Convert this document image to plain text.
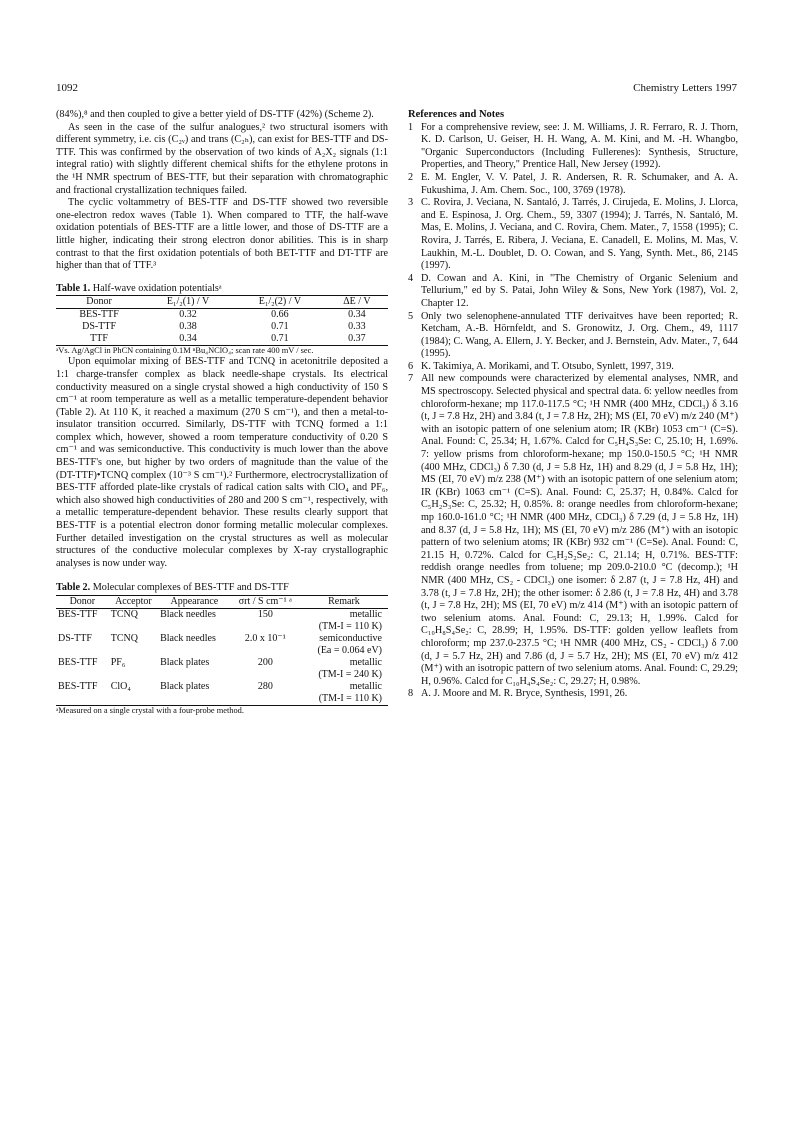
1092	Chemistry Letters 1997

(84%),⁸ and then coupled to give a better yield of DS-TTF (42%) (Scheme 2).

As seen in the case of the sulfur analogues,² two structural isomers with different symmetry, i.e. cis (C₂ᵥ) and trans (C₂ₕ), can exist for BES-TTF and DS-TTF. This was confirmed by the observation of two kinds of A₂X₂ signals (1:1 integral ratio) with slightly different chemical shifts for the ethylene protons in the ¹H NMR spectrum of BES-TTF, but their separation with chromatographic and fractional crystallization techniques failed.

The cyclic voltammetry of BES-TTF and DS-TTF showed two reversible one-electron redox waves (Table 1). When compared to TTF, the half-wave oxidation potentials of BES-TTF are a little lower, and those of DS-TTF are a little higher, indicating their strong electron donor abilities. This is in sharp contrast to that the first oxidation potentials of both BET-TTF and DT-TTF are higher than that of TTF.³

Table 1. Half-wave oxidation potentialsᵃ
Donor	E₁/₂(1) / V	E₁/₂(2) / V	ΔE / V
BES-TTF	0.32	0.66	0.34
DS-TTF	0.38	0.71	0.33
TTF	0.34	0.71	0.37

ᵃVs. Ag/AgCl in PhCN containing 0.1M ⁿBu₄NClO₄; scan rate 400 mV / sec.

Upon equimolar mixing of BES-TTF and TCNQ in acetonitrile deposited a 1:1 charge-transfer complex as black needle-shape crystals. Its electrical conductivity measured on a single crystal showed a high conductivity of 150 S cm⁻¹ at room temperature as well as a metallic temperature-dependent behavior (Table 2). At 110 K, it reached a maximum (270 S cm⁻¹), and then a metal-to-insulator transition occurred. Similarly, DS-TTF with TCNQ formed a 1:1 complex which, however, showed a room temperature conductivity of 0.20 S cm⁻¹ and was semiconductive. This conductivity is much lower than the above BES-TTF's one, but higher by two orders of magnitude than the value of the (DT-TTF)•TCNQ complex (10⁻³ S cm⁻¹).² Furthermore, electrocrystallization of BES-TTF afforded plate-like crystals of radical cation salts with ClO₄ and PF₆, which also showed high conductivities of 280 and 200 S cm⁻¹, respectively, with a metallic temperature-dependent behavior. These results clearly support that BES-TTF is a potential electron donor forming metallic molecular complexes. Further detailed investigation on the crystal structures as well as molecular structures of the conductive molecular complexes by X-ray crystallographic analyses is now under way.

Table 2. Molecular complexes of BES-TTF and DS-TTF
Donor	Acceptor	Appearance	σrt / S cm⁻¹ ᵃ	Remark
BES-TTF	TCNQ	Black needles	150	metallic
				(TM-I = 110 K)
DS-TTF	TCNQ	Black needles	2.0 x 10⁻¹	semiconductive
				(Ea = 0.064 eV)
BES-TTF	PF₆	Black plates	200	metallic
				(TM-I = 240 K)
BES-TTF	ClO₄	Black plates	280	metallic
				(TM-I = 110 K)

ᵃMeasured on a single crystal with a four-probe method.

References and Notes

1 For a comprehensive review, see: J. M. Williams, J. R. Ferraro, R. J. Thorn, K. D. Carlson, U. Geiser, H. H. Wang, A. M. Kini, and M. -H. Whangbo, "Organic Superconductors (Including Fullerenes): Synthesis, Structure, Properties, and Theory," Prentice Hall, New Jersey (1992).

2 E. M. Engler, V. V. Patel, J. R. Andersen, R. R. Schumaker, and A. A. Fukushima, J. Am. Chem. Soc., 100, 3769 (1978).

3 C. Rovira, J. Veciana, N. Santaló, J. Tarrés, J. Cirujeda, E. Molins, J. Llorca, and E. Espinosa, J. Org. Chem., 59, 3307 (1994); J. Tarrés, N. Santaló, M. Mas, E. Molins, J. Veciana, and C. Rovira, Chem. Mater., 7, 1558 (1995); C. Rovira, J. Tarrés, E. Ribera, J. Veciana, E. Canadell, E. Molins, M. Mas, V. Laukhin, M.-L. Doublet, D. O. Cowan, and S. Yang, Synth. Met., 86, 2145 (1997).

4 D. Cowan and A. Kini, in "The Chemistry of Organic Selenium and Tellurium," ed by S. Patai, John Wiley & Sons, New York (1987), Vol. 2, Chapter 12.

5 Only two selenophene-annulated TTF derivaitves have been reported; R. Ketcham, A.-B. Hörnfeldt, and S. Gronowitz, J. Org. Chem., 49, 1117 (1984); C. Wang, A. Ellern, J. Y. Becker, and J. Bernstein, Adv. Mater., 7, 644 (1995).

6 K. Takimiya, A. Morikami, and T. Otsubo, Synlett, 1997, 319.

7 All new compounds were characterized by elemental analyses, NMR, and MS spectroscopy. Selected physical and spectral data. 6: yellow needles from chloroform-hexane; mp 117.0-117.5 °C; ¹H NMR (400 MHz, CDCl₃) δ 3.16 (t, J = 7.8 Hz, 2H) and 3.84 (t, J = 7.8 Hz, 2H); MS (EI, 70 eV) m/z 240 (M⁺) with an isotopic pattern of one selenium atom; IR (KBr) 1053 cm⁻¹ (C=S). Anal. Found: C, 25.34; H, 1.67%. Calcd for C₅H₄S₃Se: C, 25.10; H, 1.69%. 7: yellow prisms from chloroform-hexane; mp 150.0-150.5 °C; ¹H NMR (400 MHz, CDCl₃) δ 7.30 (d, J = 5.8 Hz, 1H) and 8.29 (d, J = 5.8 Hz, 1H); MS (EI, 70 eV) m/z 238 (M⁺) with an isotopic pattern of one selenium atom; IR (KBr) 1063 cm⁻¹ (C=S). Anal. Found: C, 25.37; H, 0.84%. Calcd for C₅H₂S₃Se: C, 25.32; H, 0.85%. 8: orange needles from chloroform-hexane; mp 160.0-161.0 °C; ¹H NMR (400 MHz, CDCl₃) δ 7.29 (d, J = 5.8 Hz, 1H) and 8.37 (d, J = 5.8 Hz, 1H); MS (EI, 70 eV) m/z 286 (M⁺) with an isotopic pattern of two selenium atoms; IR (KBr) 932 cm⁻¹ (C=Se). Anal. Found: C, 21.15 H, 0.72%. Calcd for C₅H₂S₂Se₂: C, 21.14; H, 0.71%. BES-TTF: reddish orange needles from toluene; mp 209.0-210.0 °C (decomp.); ¹H NMR (400 MHz, CS₂ - CDCl₃) one isomer: δ 2.87 (t, J = 7.8 Hz, 4H) and 3.78 (t, J = 7.8 Hz, 2H); the other isomer: δ 2.86 (t, J = 7.8 Hz, 4H) and 3.78 (t, J = 7.8 Hz, 2H); MS (EI, 70 eV) m/z 414 (M⁺) with an isotopic pattern of two selenium atoms. Anal. Found: C, 29.13; H, 1.99%. Calcd for C₁₀H₈S₄Se₂: C, 28.99; H, 1.95%. DS-TTF: golden yellow leaflets from chloroform; mp 237.0-237.5 °C; ¹H NMR (400 MHz, CS₂ - CDCl₃) δ 7.00 (d, J = 5.7 Hz, 2H) and 7.86 (d, J = 5.7 Hz, 2H); MS (EI, 70 eV) m/z 412 (M⁺) with an isotropic pattern of two selenium atoms. Anal. Found: C, 29.29; H, 0.96%. Calcd for C₁₀H₄S₄Se₂: C, 29.27; H, 0.98%.

8 A. J. Moore and M. R. Bryce, Synthesis, 1991, 26.
